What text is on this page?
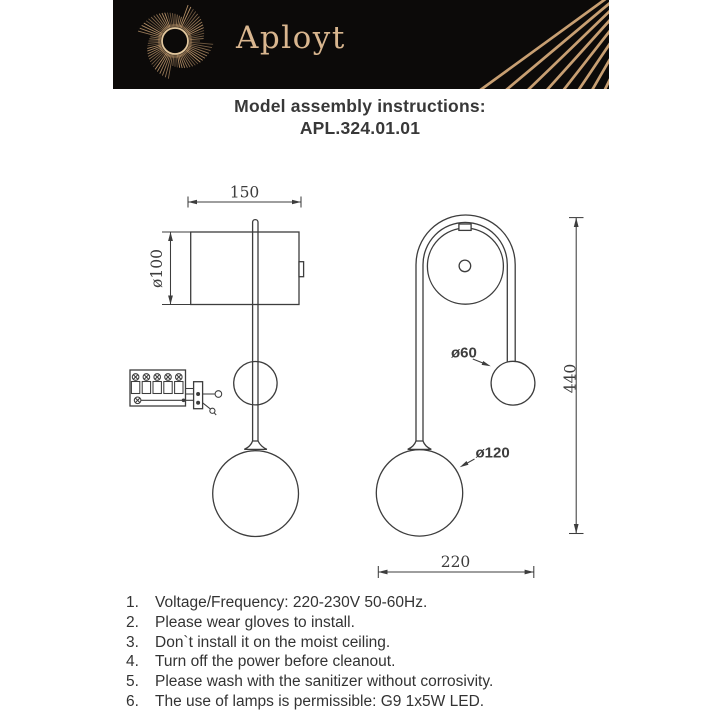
Aployt
Model assembly instructions:
APL.324.01.01
150
ø100
ø60
ø120
440
220
1.	Voltage/Frequency: 220-230V 50-60Hz.
2.	Please wear gloves to install.
3.	Don`t install it on the moist ceiling.
4.	Turn off the power before cleanout.
5.	Please wash with the sanitizer without corrosivity.
6.	The use of lamps is permissible: G9 1x5W LED.
